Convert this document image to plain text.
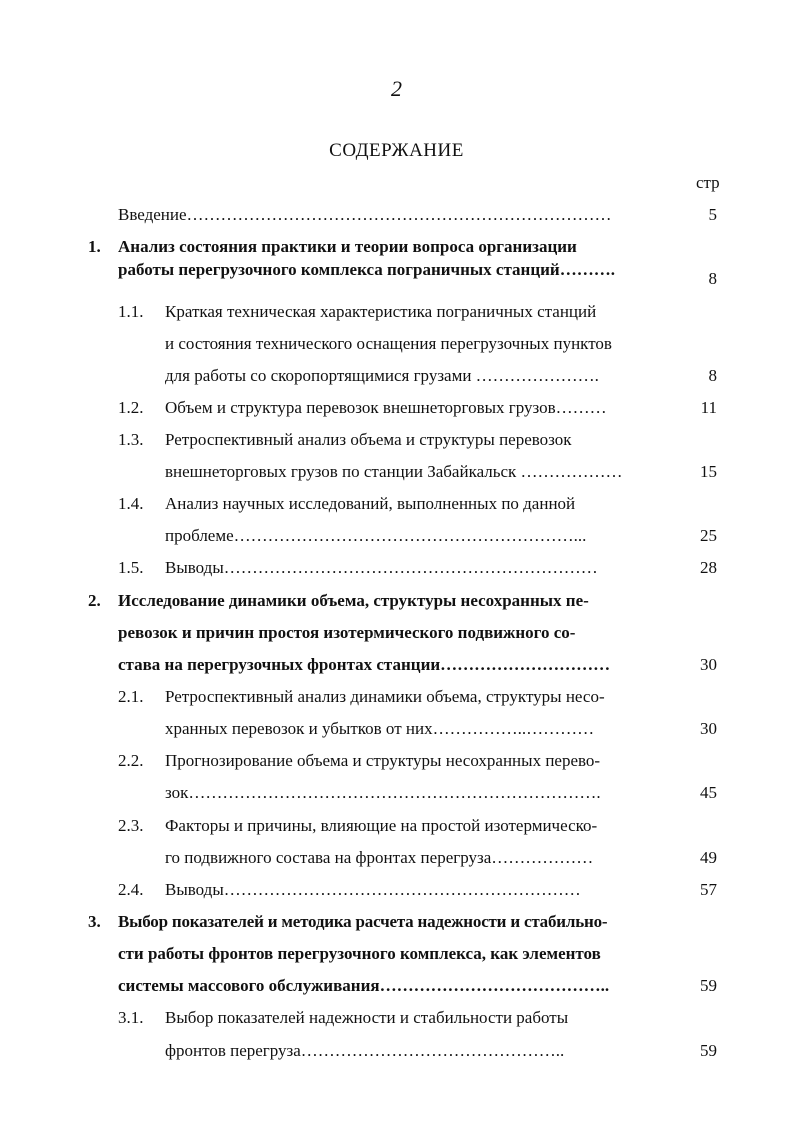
2
СОДЕРЖАНИЕ
стр
Введение…………………………………………………………………	5
1. Анализ состояния практики и теории вопроса организации
работы перегрузочного комплекса пограничных станций……….	8
1.1. Краткая техническая характеристика пограничных станций
и состояния технического оснащения перегрузочных пунктов
для работы со скоропортящимися грузами ………………….	8
1.2. Объем и структура перевозок внешнеторговых грузов………	11
1.3. Ретроспективный анализ объема и структуры перевозок
внешнеторговых грузов по станции Забайкальск ………………	15
1.4. Анализ научных исследований, выполненных по данной
проблеме……………………………………………………...	25
1.5. Выводы…………………………………………………………	28
2. Исследование динамики объема, структуры несохранных пе-
ревозок и причин простоя изотермического подвижного со-
става на перегрузочных фронтах станции…………………………	30
2.1. Ретроспективный анализ динамики объема, структуры несо-
хранных перевозок и убытков от них……………..…………	30
2.2. Прогнозирование объема и структуры несохранных перево-
зок……………………………………………………………….	45
2.3. Факторы и причины, влияющие на простой изотермическо-
го подвижного состава на фронтах перегруза………………	49
2.4. Выводы………………………………………………………	57
3. Выбор показателей и методика расчета надежности и стабильно-
сти работы фронтов перегрузочного комплекса, как элементов
системы массового обслуживания…………………………………..	59
3.1. Выбор показателей надежности и стабильности работы
фронтов перегруза………………………………………..	59
